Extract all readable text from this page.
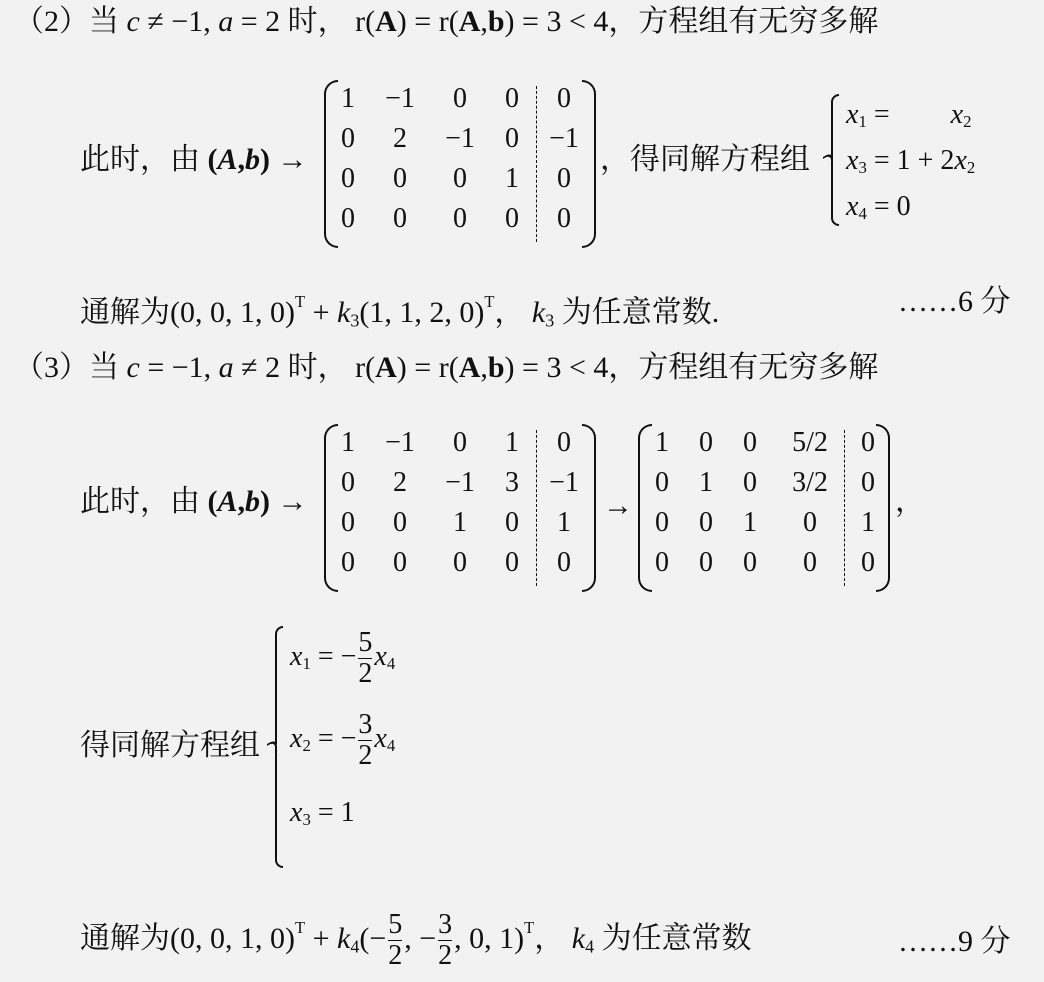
（2）当 c ≠ −1, a = 2 时， r(A) = r(A,b) = 3 < 4，方程组有无穷多解
此时，由 (A,b) →
1 −1 0 0 0
0 2 −1 0 −1
0 0 0 1 0
0 0 0 0 0
，得同解方程组
$x_1 = x_2$
$x_3 = 1 + 2x_2$
$x_4 = 0$
通解为(0, 0, 1, $0)^T + k_3(1$, 1, 2, 0)$^T$， $k_3$ 为任意常数.	……6 分
（3）当 c = −1, a ≠ 2 时， r(A) = r(A,b) = 3 < 4，方程组有无穷多解
此时，由 (A,b) →
1 −1 0 1 0
0 2 −1 3 −1
0 0 1 0 1
0 0 0 0 0
→
1 0 0 5/2 0
0 1 0 3/2 0
0 0 1 0 1
0 0 0 0 0
，
得同解方程组
$x_1$ = − $\frac{5}{2} x_4$
$x_2$ = − $\frac{3}{2} x_4$
$x_3 = 1$
通解为(0, 0, 1, $0)^T + k_4(- \frac{5}{2}$ , − $\frac{3}{2}$ , 0, 1)$^T$， $k_4$ 为任意常数	……9 分
